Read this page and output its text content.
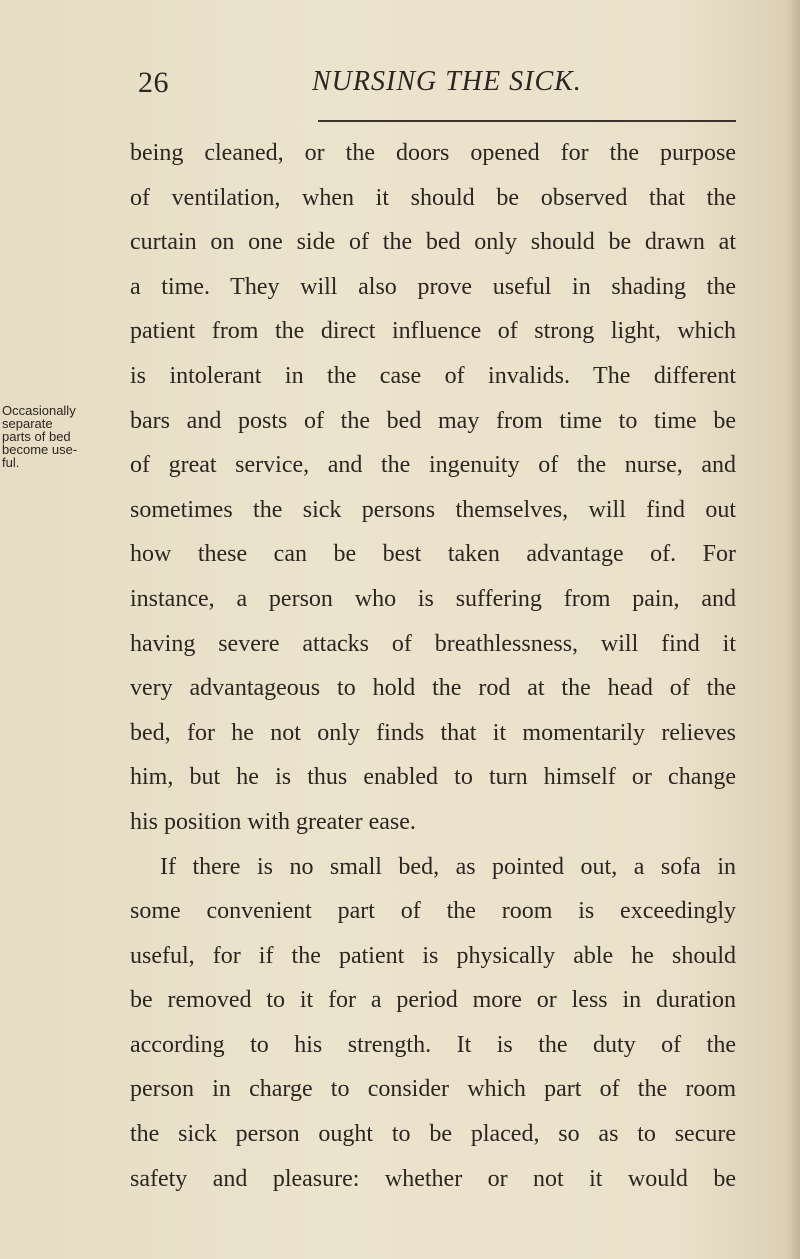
26	NURSING THE SICK.
Occasionally
separate
parts of bed
become use-
ful.
being cleaned, or the doors opened for the purpose
of ventilation, when it should be observed that the
curtain on one side of the bed only should be drawn at
a time. They will also prove useful in shading the
patient from the direct influence of strong light, which
is intolerant in the case of invalids. The different
bars and posts of the bed may from time to time be
of great service, and the ingenuity of the nurse, and
sometimes the sick persons themselves, will find out
how these can be best taken advantage of. For
instance, a person who is suffering from pain, and
having severe attacks of breathlessness, will find it
very advantageous to hold the rod at the head of the
bed, for he not only finds that it momentarily relieves
him, but he is thus enabled to turn himself or change
his position with greater ease.
If there is no small bed, as pointed out, a sofa in
some convenient part of the room is exceedingly
useful, for if the patient is physically able he should
be removed to it for a period more or less in duration
according to his strength. It is the duty of the
person in charge to consider which part of the room
the sick person ought to be placed, so as to secure
safety and pleasure: whether or not it would be
